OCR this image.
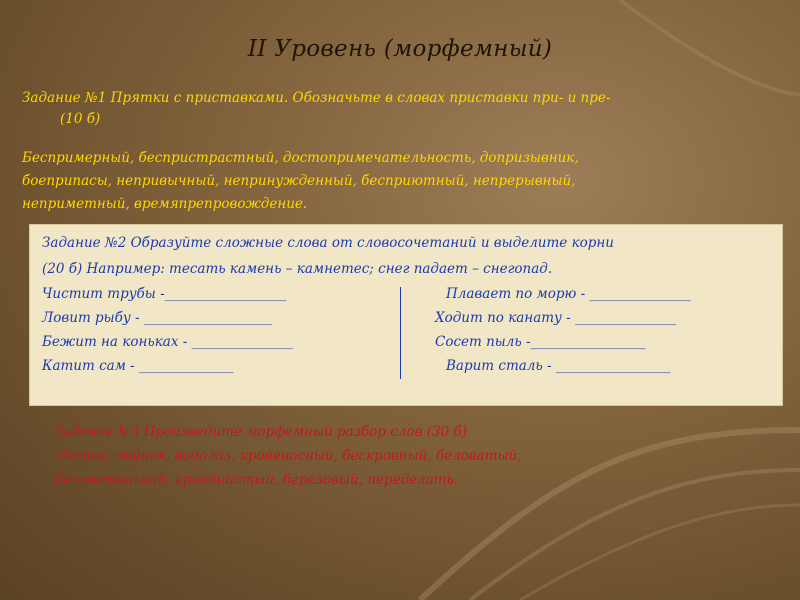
II Уровень (морфемный)
Задание №1 Прятки с приставками. Обозначьте в словах приставки при- и пре-
(10 б)
Беспримерный, беспристрастный, достопримечательность, допризывник,
боеприпасы, непривычный, непринужденный, бесприютный, непрерывный,
неприметный, времяпрепровождение.
Задание №2 Образуйте сложные слова от словосочетаний и выделите корни
(20 б) Например: тесать камень – камнетес; снег падает – снегопад.
Чистит трубы -__________________
Ловит рыбу - ___________________
Бежит на коньках - _______________
Катит сам - ______________
Плавает по морю - _______________
Ходит по канату - _______________
Сосет пыль -_________________
Варит сталь - _________________
Задание №3 Произведите морфемный разбор слов (30 б)
Лесник, опёнок, водолаз, кровеносный, бескровный, беловатый,
беловатенький, кровянистый, березовый, переделать.
